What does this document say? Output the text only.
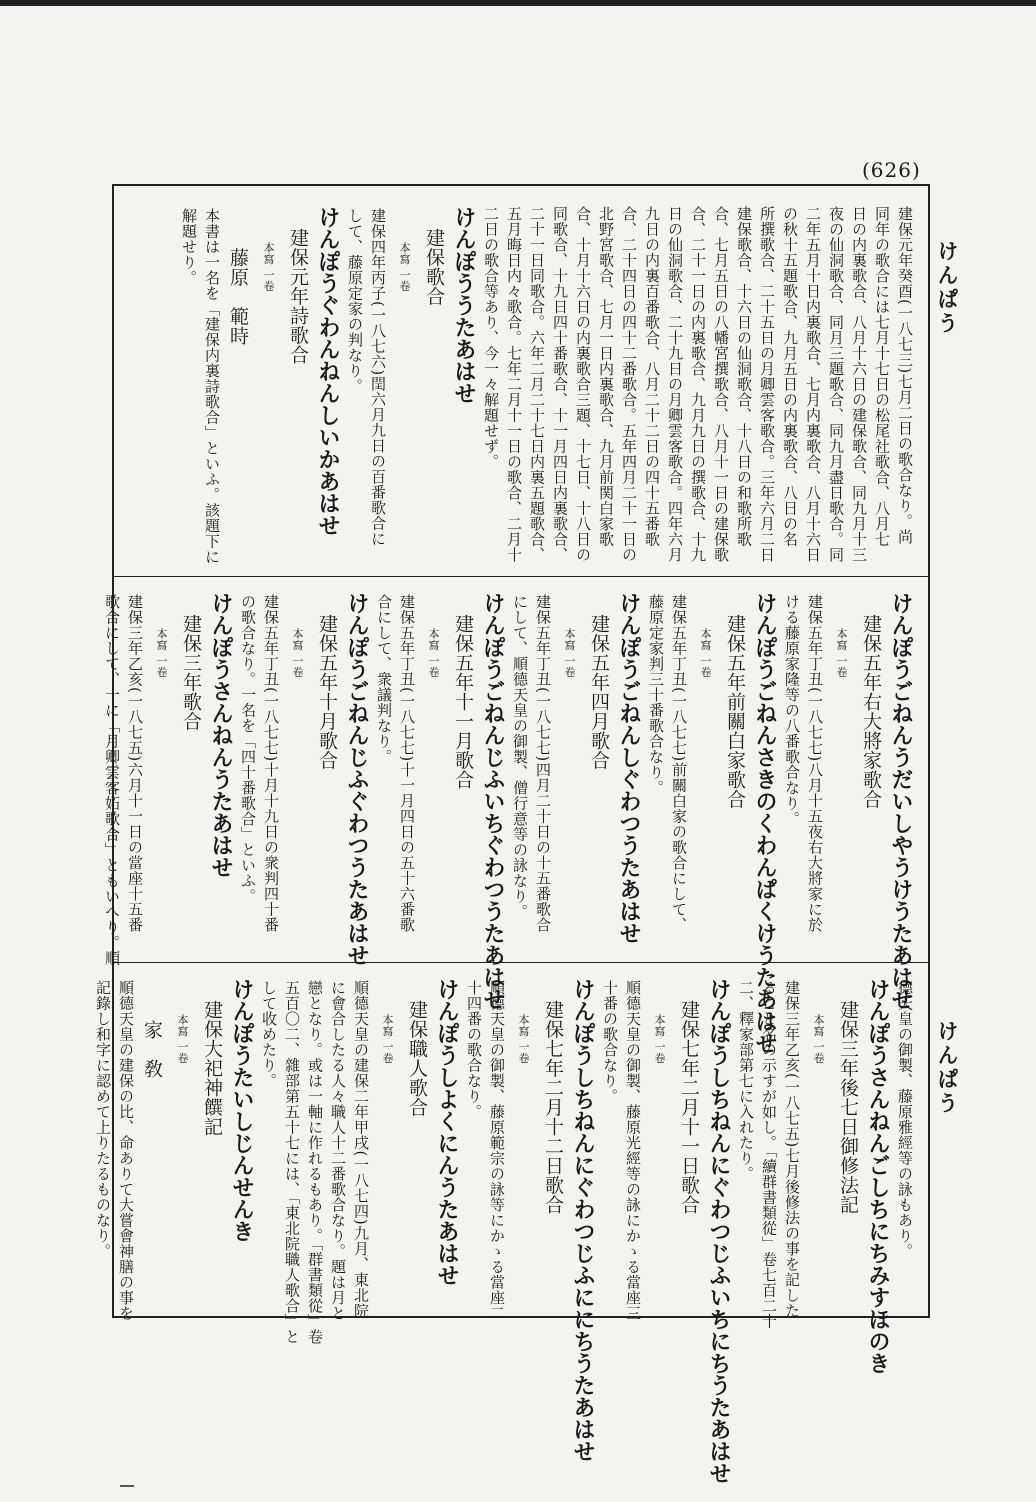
(626)
けんぱう
けんぱう
建保元年癸酉(一八七三)七月二日の歌合なり。尚
同年の歌合には七月十七日の松尾社歌合、八月七
日の内裏歌合、八月十六日の建保歌合、同九月十三
夜の仙洞歌合、同月三題歌合、同九月盡日歌合。同
二年五月十日内裏歌合、七月内裏歌合、八月十六日
の秋十五題歌合、九月五日の内裏歌合、八日の名
所撰歌合、二十五日の月卿雲客歌合。三年六月二日
建保歌合、十六日の仙洞歌合、十八日の和歌所歌
合、七月五日の八幡宮撰歌合、八月十一日の建保歌
合、二十一日の内裏歌合、九月九日の撰歌合、十九
日の仙洞歌合、二十九日の月卿雲客歌合。四年六月
九日の内裏百番歌合、八月二十二日の四十五番歌
合、二十四日の四十二番歌合。五年四月二十一日の
北野宮歌合、七月一日内裏歌合、九月前関白家歌
合、十月十六日の内裏歌合三題、十七日、十八日の
同歌合、十九日四十番歌合、十一月四日内裏歌合、
二十一日同歌合。六年二月二十七日内裏五題歌合、
五月晦日内々歌合。七年二月十一日の歌合、二月十
二日の歌合等あり、今一々解題せず。
けんぽううたあはせ
建保歌合
本寫 一卷
建保四年丙子(一八七六)閏六月九日の百番歌合に
して、藤原定家の判なり。
けんぽうぐわんねんしいかあはせ
建保元年詩歌合
本寫 一卷
藤原　範時
本書は一名を「建保内裏詩歌合」といふ。該題下に
解題せり。
けんぽうごねんうだいしやうけうたあはせ
建保五年右大將家歌合
本寫 一卷
建保五年丁丑(一八七七)八月十五夜右大將家に於
ける藤原家隆等の八番歌合なり。
けんぽうごねんさきのくわんぱくけうたあはせ
建保五年前關白家歌合
本寫 一卷
建保五年丁丑(一八七七)前關白家の歌合にして、
藤原定家判三十番歌合なり。
けんぽうごねんしぐわつうたあはせ
建保五年四月歌合
本寫 一卷
建保五年丁丑(一八七七)四月二十日の十五番歌合
にして、順德天皇の御製、僧行意等の詠なり。
けんぽうごねんじふいちぐわつうたあはせ
建保五年十一月歌合
本寫 一卷
建保五年丁丑(一八七七)十一月四日の五十六番歌
合にして、衆議判なり。
けんぽうごねんじふぐわつうたあはせ
建保五年十月歌合
本寫 一卷
建保五年丁丑(一八七七)十月十九日の衆判四十番
の歌合なり。一名を「四十番歌合」といふ。
けんぽうさんねんうたあはせ
建保三年歌合
本寫 一卷
建保三年乙亥(一八七五)六月十一日の當座十五番
歌合にして、一に「月卿雲客妬歌合」ともいへり。順
德天皇の御製、藤原雅經等の詠もあり。
けんぽうさんねんごしちにちみすほのき
建保三年後七日御修法記
本寫 一卷
建保三年乙亥(一八七五)七月後修法の事を記した
ること名の示すが如し。「續群書類從」卷七百二十
二、釋家部第七に入れたり。
けんぽうしちねんにぐわつじふいちにちうたあはせ
建保七年二月十一日歌合
本寫 一卷
順德天皇の御製、藤原光經等の詠にかゝる當座三
十番の歌合なり。
けんぽうしちねんにぐわつじふににちうたあはせ
建保七年二月十二日歌合
本寫 一卷
順德天皇の御製、藤原範宗の詠等にかゝる當座二
十四番の歌合なり。
けんぽうしよくにんうたあはせ
建保職人歌合
本寫 一卷
順德天皇の建保二年甲戌(一八七四)九月、東北院
に會合したる人々職人十二番歌合なり。題は月と
戀となり。或は一軸に作れるもあり。「群書類從」卷
五百〇二、雜部第五十七には、「東北院職人歌合」と
して收めたり。
けんぽうたいしじんせんき
建保大祀神饌記
本寫 一卷
家　敎
順德天皇の建保の比、命ありて大嘗會神膳の事を
記錄し和字に認めて上りたるものなり。
